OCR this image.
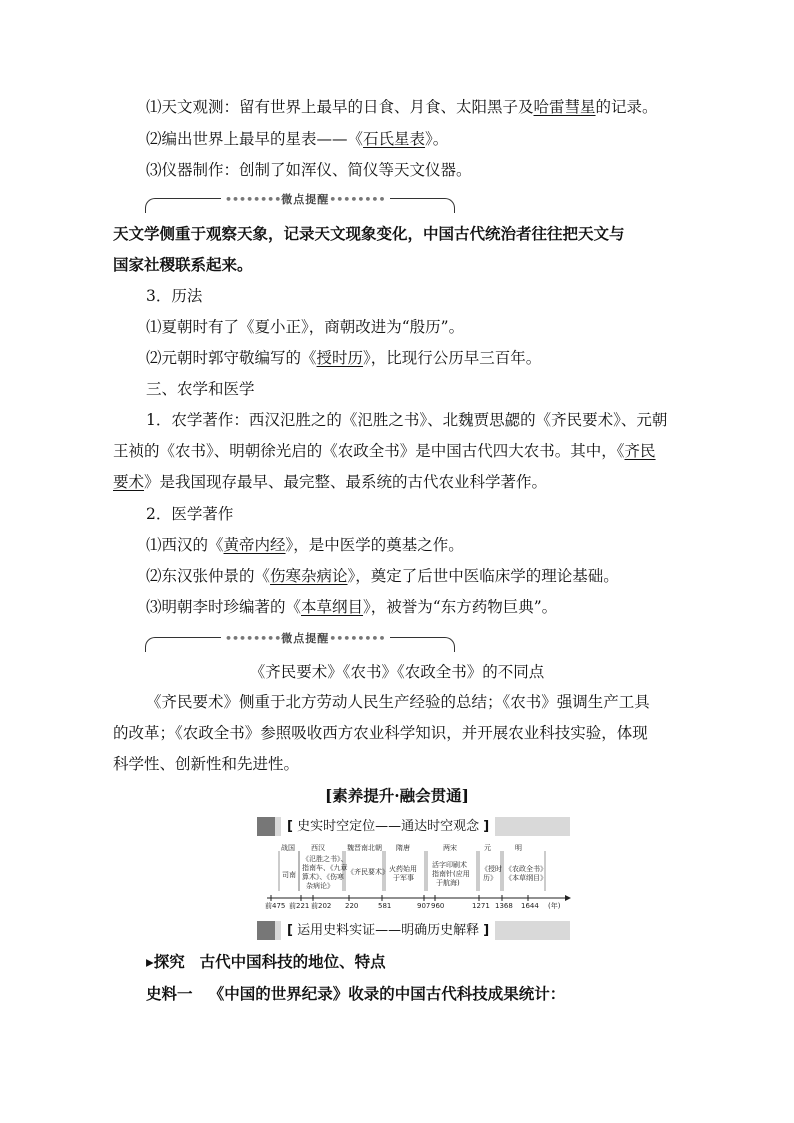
⑴天文观测：留有世界上最早的日食、月食、太阳黑子及哈雷彗星的记录。
⑵编出世界上最早的星表——《石氏星表》。
⑶仪器制作：创制了如浑仪、简仪等天文仪器。
••••••••微点提醒••••••••
天文学侧重于观察天象，记录天文现象变化，中国古代统治者往往把天文与
国家社稷联系起来。
3．历法
⑴夏朝时有了《夏小正》，商朝改进为“殷历”。
⑵元朝时郭守敬编写的《授时历》，比现行公历早三百年。
三、农学和医学
1．农学著作：西汉氾胜之的《氾胜之书》、北魏贾思勰的《齐民要术》、元朝
王祯的《农书》、明朝徐光启的《农政全书》是中国古代四大农书。其中，《齐民
要术》是我国现存最早、最完整、最系统的古代农业科学著作。
2．医学著作
⑴西汉的《黄帝内经》，是中医学的奠基之作。
⑵东汉张仲景的《伤寒杂病论》，奠定了后世中医临床学的理论基础。
⑶明朝李时珍编著的《本草纲目》，被誉为“东方药物巨典”。
••••••••微点提醒••••••••
《齐民要术》《农书》《农政全书》的不同点
《齐民要术》侧重于北方劳动人民生产经验的总结；《农书》强调生产工具
的改革；《农政全书》参照吸收西方农业科学知识，并开展农业科技实验，体现
科学性、创新性和先进性。
[素养提升·融会贯通]
[ 史实时空定位——通达时空观念 ]
战国 西汉	魏晋南北朝 隋唐	两宋	元	明
司南
《氾胜之书》、
指南车、《九章
算术》、《伤寒
杂病论》
《齐民要术》 火药始用
于军事
活字印刷术
指南针(应用
于航海)
《授时
历》
《农政全书》
《本草纲目》
前475 前221 前202 220	581	907 960	1271 1368 1644 (年)
[ 运用史料实证——明确历史解释 ]
▸探究 古代中国科技的地位、特点
史料一 《中国的世界纪录》收录的中国古代科技成果统计：
